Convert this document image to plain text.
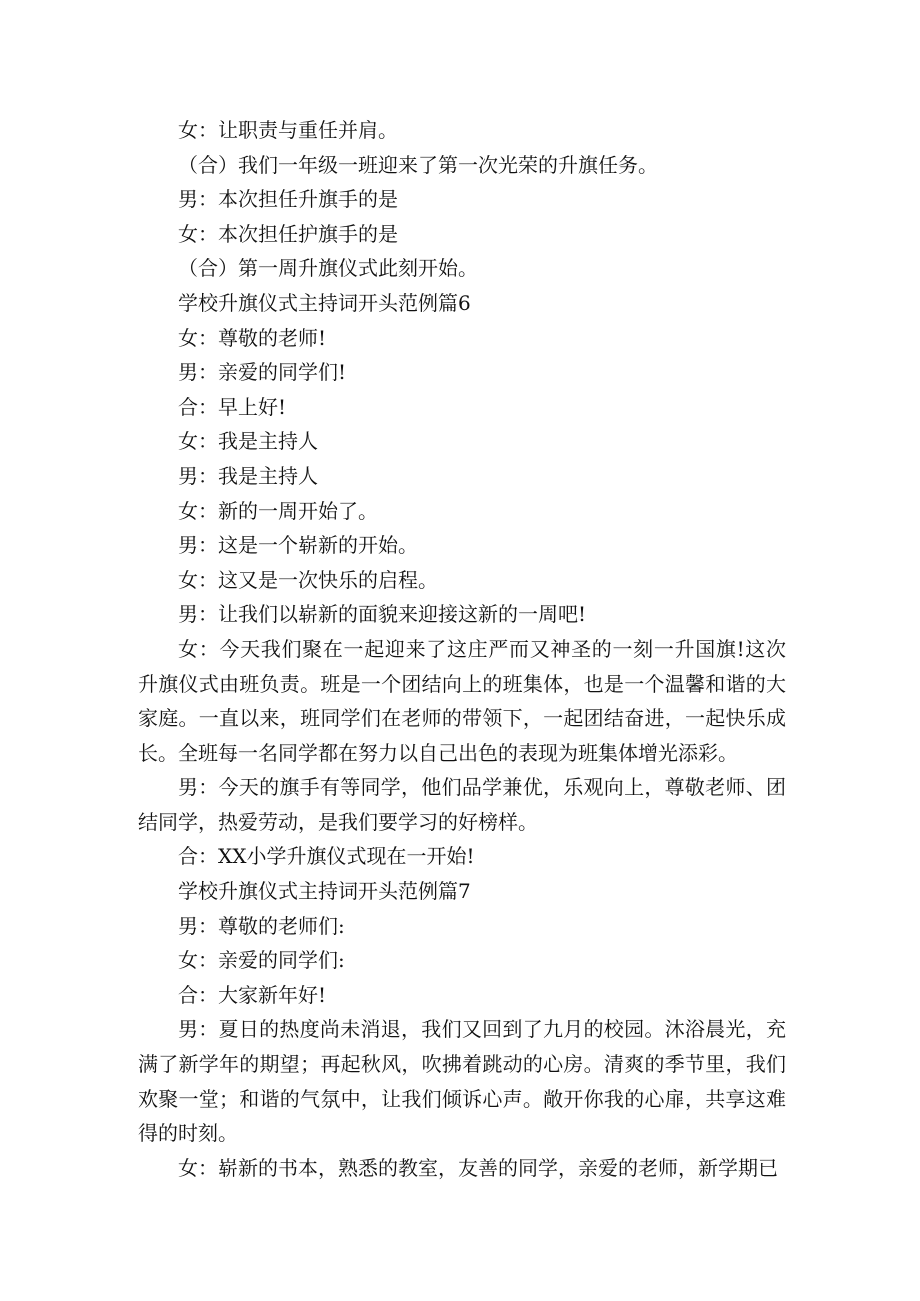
女：让职责与重任并肩。

（合）我们一年级一班迎来了第一次光荣的升旗任务。

男：本次担任升旗手的是

女：本次担任护旗手的是

（合）第一周升旗仪式此刻开始。

学校升旗仪式主持词开头范例篇6

女：尊敬的老师!

男：亲爱的同学们!

合：早上好!

女：我是主持人

男：我是主持人

女：新的一周开始了。

男：这是一个崭新的开始。

女：这又是一次快乐的启程。

男：让我们以崭新的面貌来迎接这新的一周吧!

女：今天我们聚在一起迎来了这庄严而又神圣的一刻一升国旗!这次升旗仪式由班负责。班是一个团结向上的班集体，也是一个温馨和谐的大家庭。一直以来，班同学们在老师的带领下，一起团结奋进，一起快乐成长。全班每一名同学都在努力以自己出色的表现为班集体增光添彩。

男：今天的旗手有等同学，他们品学兼优，乐观向上，尊敬老师、团结同学，热爱劳动，是我们要学习的好榜样。

合：XX小学升旗仪式现在一开始!

学校升旗仪式主持词开头范例篇7

男：尊敬的老师们:

女：亲爱的同学们:

合：大家新年好!

男：夏日的热度尚未消退，我们又回到了九月的校园。沐浴晨光，充满了新学年的期望；再起秋风，吹拂着跳动的心房。清爽的季节里，我们欢聚一堂；和谐的气氛中，让我们倾诉心声。敞开你我的心扉，共享这难得的时刻。

女：崭新的书本，熟悉的教室，友善的同学，亲爱的老师，新学期已
